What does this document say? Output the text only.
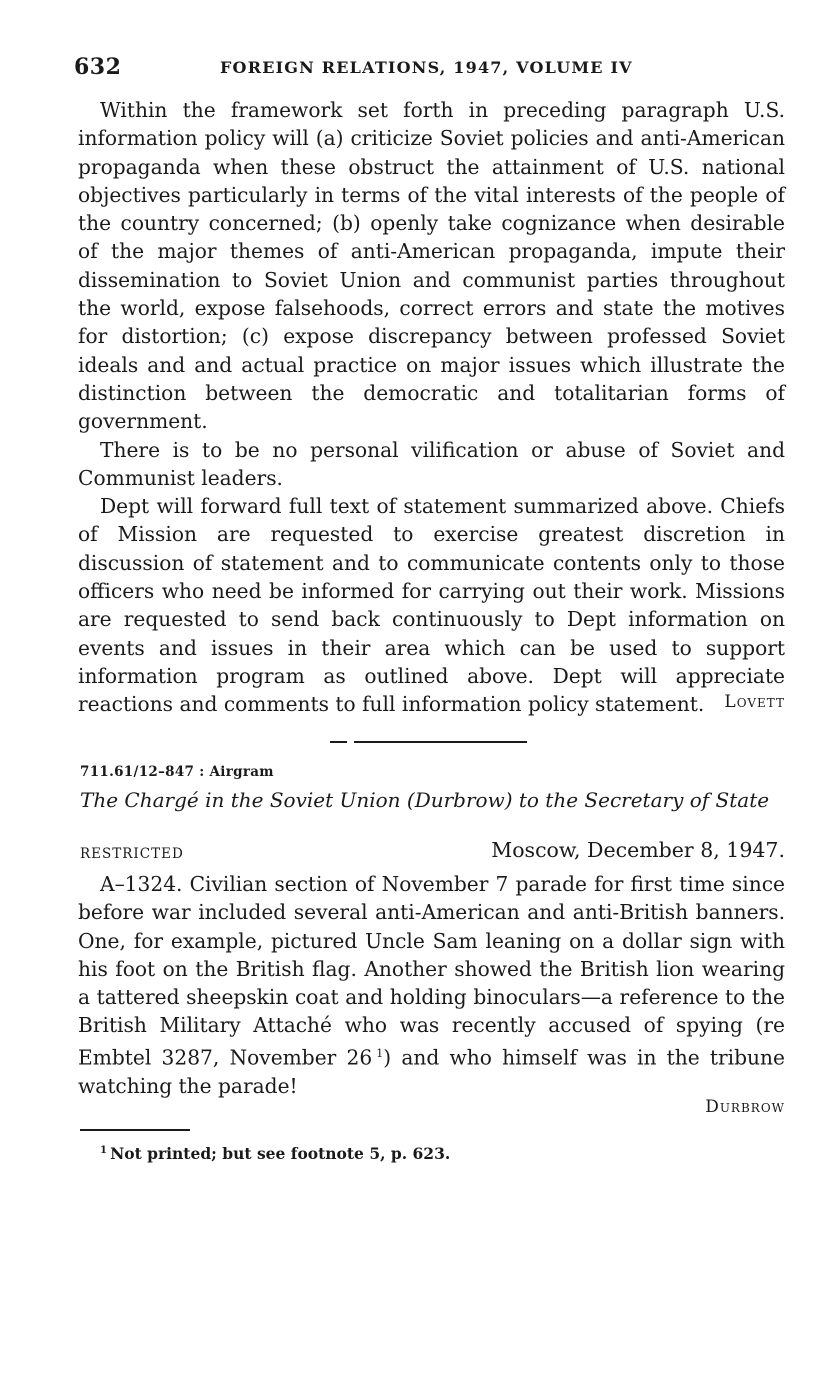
632	FOREIGN RELATIONS, 1947, VOLUME IV

Within the framework set forth in preceding paragraph U.S. information policy will (a) criticize Soviet policies and anti-American propaganda when these obstruct the attainment of U.S. national objectives particularly in terms of the vital interests of the people of the country concerned; (b) openly take cognizance when desirable of the major themes of anti-American propaganda, impute their dissemination to Soviet Union and communist parties throughout the world, expose falsehoods, correct errors and state the motives for distortion; (c) expose discrepancy between professed Soviet ideals and and actual practice on major issues which illustrate the distinction between the democratic and totalitarian forms of government.

There is to be no personal vilification or abuse of Soviet and Communist leaders.

Dept will forward full text of statement summarized above. Chiefs of Mission are requested to exercise greatest discretion in discussion of statement and to communicate contents only to those officers who need be informed for carrying out their work. Missions are requested to send back continuously to Dept information on events and issues in their area which can be used to support information program as outlined above. Dept will appreciate reactions and comments to full information policy statement.	Lovett
711.61/12–847 : Airgram
The Chargé in the Soviet Union (Durbrow) to the Secretary of State
RESTRICTED	Moscow, December 8, 1947.

A–1324. Civilian section of November 7 parade for first time since before war included several anti-American and anti-British banners. One, for example, pictured Uncle Sam leaning on a dollar sign with his foot on the British flag. Another showed the British lion wearing a tattered sheepskin coat and holding binoculars—a reference to the British Military Attaché who was recently accused of spying (re Embtel 3287, November 26  $^1$) and who himself was in the tribune watching the parade!

Durbrow
$^1$  Not printed; but see footnote 5, p. 623.
